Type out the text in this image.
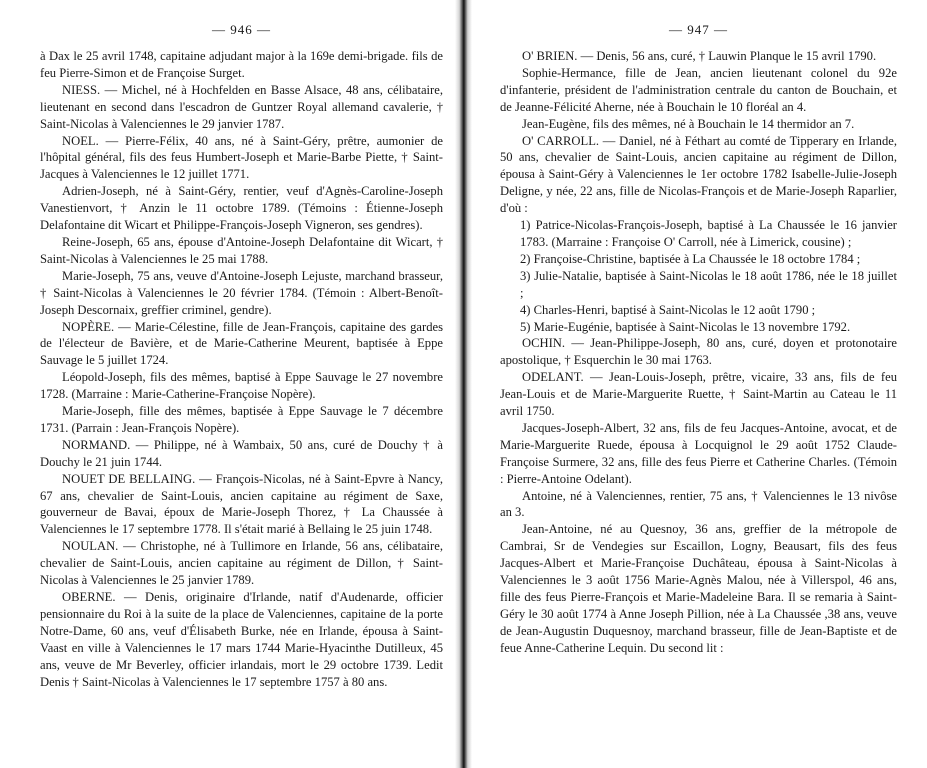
— 946 —

à Dax le 25 avril 1748, capitaine adjudant major à la 169e demi-brigade. fils de feu Pierre-Simon et de Françoise Surget.

NIESS. — Michel, né à Hochfelden en Basse Alsace, 48 ans, célibataire, lieutenant en second dans l'escadron de Guntzer Royal allemand cavalerie, † Saint-Nicolas à Valenciennes le 29 janvier 1787.

NOEL. — Pierre-Félix, 40 ans, né à Saint-Géry, prêtre, aumonier de l'hôpital général, fils des feus Humbert-Joseph et Marie-Barbe Piette, † Saint-Jacques à Valenciennes le 12 juillet 1771.

Adrien-Joseph, né à Saint-Géry, rentier, veuf d'Agnès-Caroline-Joseph Vanestienvort, † Anzin le 11 octobre 1789. (Témoins : Étienne-Joseph Delafontaine dit Wicart et Philippe-François-Joseph Vigneron, ses gendres).

Reine-Joseph, 65 ans, épouse d'Antoine-Joseph Delafontaine dit Wicart, † Saint-Nicolas à Valenciennes le 25 mai 1788.

Marie-Joseph, 75 ans, veuve d'Antoine-Joseph Lejuste, marchand brasseur, † Saint-Nicolas à Valenciennes le 20 février 1784. (Témoin : Albert-Benoît-Joseph Descornaix, greffier criminel, gendre).

NOPÈRE. — Marie-Célestine, fille de Jean-François, capitaine des gardes de l'électeur de Bavière, et de Marie-Catherine Meurent, baptisée à Eppe Sauvage le 5 juillet 1724.

Léopold-Joseph, fils des mêmes, baptisé à Eppe Sauvage le 27 novembre 1728. (Marraine : Marie-Catherine-Françoise Nopère).

Marie-Joseph, fille des mêmes, baptisée à Eppe Sauvage le 7 décembre 1731. (Parrain : Jean-François Nopère).

NORMAND. — Philippe, né à Wambaix, 50 ans, curé de Douchy † à Douchy le 21 juin 1744.

NOUET DE BELLAING. — François-Nicolas, né à Saint-Epvre à Nancy, 67 ans, chevalier de Saint-Louis, ancien capitaine au régiment de Saxe, gouverneur de Bavai, époux de Marie-Joseph Thorez, † La Chaussée à Valenciennes le 17 septembre 1778. Il s'était marié à Bellaing le 25 juin 1748.

NOULAN. — Christophe, né à Tullimore en Irlande, 56 ans, célibataire, chevalier de Saint-Louis, ancien capitaine au régiment de Dillon, † Saint-Nicolas à Valenciennes le 25 janvier 1789.

OBERNE. — Denis, originaire d'Irlande, natif d'Audenarde, officier pensionnaire du Roi à la suite de la place de Valenciennes, capitaine de la porte Notre-Dame, 60 ans, veuf d'Élisabeth Burke, née en Irlande, épousa à Saint-Vaast en ville à Valenciennes le 17 mars 1744 Marie-Hyacinthe Dutilleux, 45 ans, veuve de Mr Beverley, officier irlandais, mort le 29 octobre 1739. Ledit Denis † Saint-Nicolas à Valenciennes le 17 septembre 1757 à 80 ans.

— 947 —

O' BRIEN. — Denis, 56 ans, curé, † Lauwin Planque le 15 avril 1790.

Sophie-Hermance, fille de Jean, ancien lieutenant colonel du 92e d'infanterie, président de l'administration centrale du canton de Bouchain, et de Jeanne-Félicité Aherne, née à Bouchain le 10 floréal an 4.

Jean-Eugène, fils des mêmes, né à Bouchain le 14 thermidor an 7.

O' CARROLL. — Daniel, né à Féthart au comté de Tipperary en Irlande, 50 ans, chevalier de Saint-Louis, ancien capitaine au régiment de Dillon, épousa à Saint-Géry à Valenciennes le 1er octobre 1782 Isabelle-Julie-Joseph Deligne, y née, 22 ans, fille de Nicolas-François et de Marie-Joseph Raparlier, d'où :

1) Patrice-Nicolas-François-Joseph, baptisé à La Chaussée le 16 janvier 1783. (Marraine : Françoise O' Carroll, née à Limerick, cousine) ;

2) Françoise-Christine, baptisée à La Chaussée le 18 octobre 1784 ;

3) Julie-Natalie, baptisée à Saint-Nicolas le 18 août 1786, née le 18 juillet ;

4) Charles-Henri, baptisé à Saint-Nicolas le 12 août 1790 ;

5) Marie-Eugénie, baptisée à Saint-Nicolas le 13 novembre 1792.

OCHIN. — Jean-Philippe-Joseph, 80 ans, curé, doyen et protonotaire apostolique, † Esquerchin le 30 mai 1763.

ODELANT. — Jean-Louis-Joseph, prêtre, vicaire, 33 ans, fils de feu Jean-Louis et de Marie-Marguerite Ruette, † Saint-Martin au Cateau le 11 avril 1750.

Jacques-Joseph-Albert, 32 ans, fils de feu Jacques-Antoine, avocat, et de Marie-Marguerite Ruede, épousa à Locquignol le 29 août 1752 Claude-Françoise Surmere, 32 ans, fille des feus Pierre et Catherine Charles. (Témoin : Pierre-Antoine Odelant).

Antoine, né à Valenciennes, rentier, 75 ans, † Valenciennes le 13 nivôse an 3.

Jean-Antoine, né au Quesnoy, 36 ans, greffier de la métropole de Cambrai, Sr de Vendegies sur Escaillon, Logny, Beausart, fils des feus Jacques-Albert et Marie-Françoise Duchâteau, épousa à Saint-Nicolas à Valenciennes le 3 août 1756 Marie-Agnès Malou, née à Villerspol, 46 ans, fille des feus Pierre-François et Marie-Madeleine Bara. Il se remaria à Saint-Géry le 30 août 1774 à Anne Joseph Pillion, née à La Chaussée ,38 ans, veuve de Jean-Augustin Duquesnoy, marchand brasseur, fille de Jean-Baptiste et de feue Anne-Catherine Lequin. Du second lit :
